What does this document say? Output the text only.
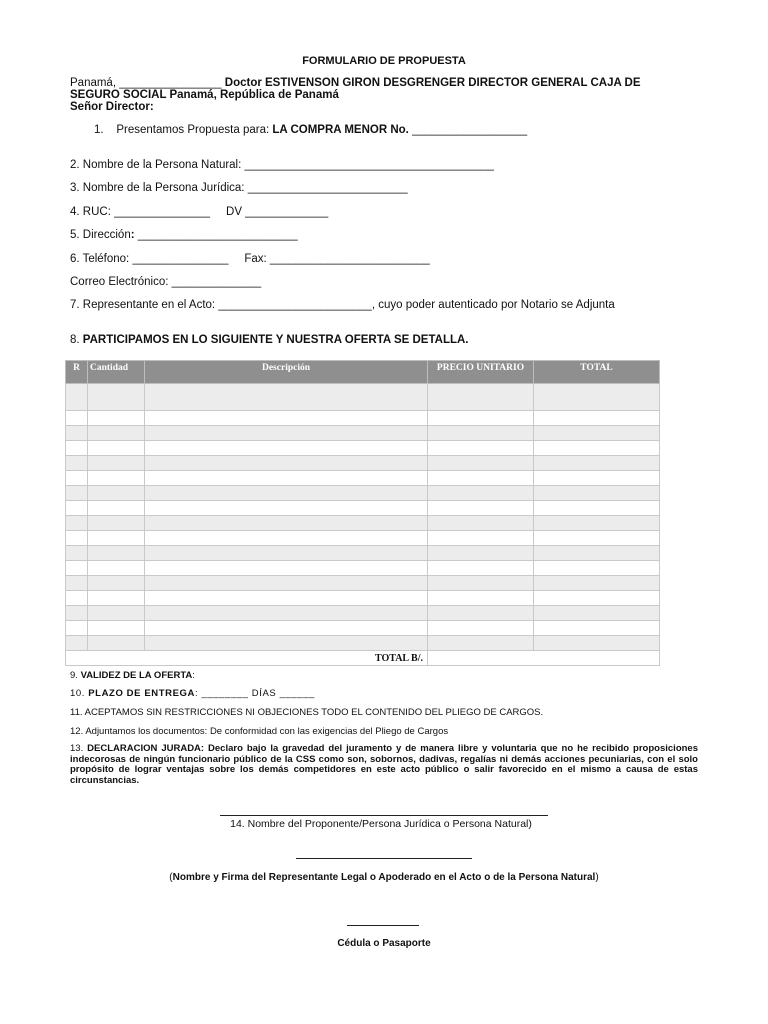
FORMULARIO DE PROPUESTA
Panamá, ________________ Doctor ESTIVENSON GIRON DESGRENGER DIRECTOR GENERAL CAJA DE
SEGURO SOCIAL Panamá, República de Panamá
Señor Director:
1. Presentamos Propuesta para: LA COMPRA MENOR No. __________________
2. Nombre de la Persona Natural: _______________________________________
3. Nombre de la Persona Jurídica: _________________________
4. RUC: _______________ DV _____________
5. Dirección: _________________________
6. Teléfono: _______________ Fax: _________________________
Correo Electrónico: ______________
7. Representante en el Acto: ________________________, cuyo poder autenticado por Notario se Adjunta
8. PARTICIPAMOS EN LO SIGUIENTE Y NUESTRA OFERTA SE DETALLA.
R	Cantidad	Descripción	PRECIO UNITARIO	TOTAL

TOTAL B/.				
9. VALIDEZ DE LA OFERTA:
10. PLAZO DE ENTREGA: ________ DÍAS ______
11. ACEPTAMOS SIN RESTRICCIONES NI OBJECIONES TODO EL CONTENIDO DEL PLIEGO DE CARGOS.
12. Adjuntamos los documentos: De conformidad con las exigencias del Pliego de Cargos
13. DECLARACION JURADA: Declaro bajo la gravedad del juramento y de manera libre y voluntaria que no he recibido proposiciones indecorosas de ningún funcionario público de la CSS como son, sobornos, dadivas, regalías ni demás acciones pecuniarias, con el solo propósito de lograr ventajas sobre los demás competidores en este acto público o salir favorecido en el mismo a causa de estas circunstancias.
14. Nombre del Proponente/Persona Jurídica o Persona Natural)
(Nombre y Firma del Representante Legal o Apoderado en el Acto o de la Persona Natural)
Cédula o Pasaporte
